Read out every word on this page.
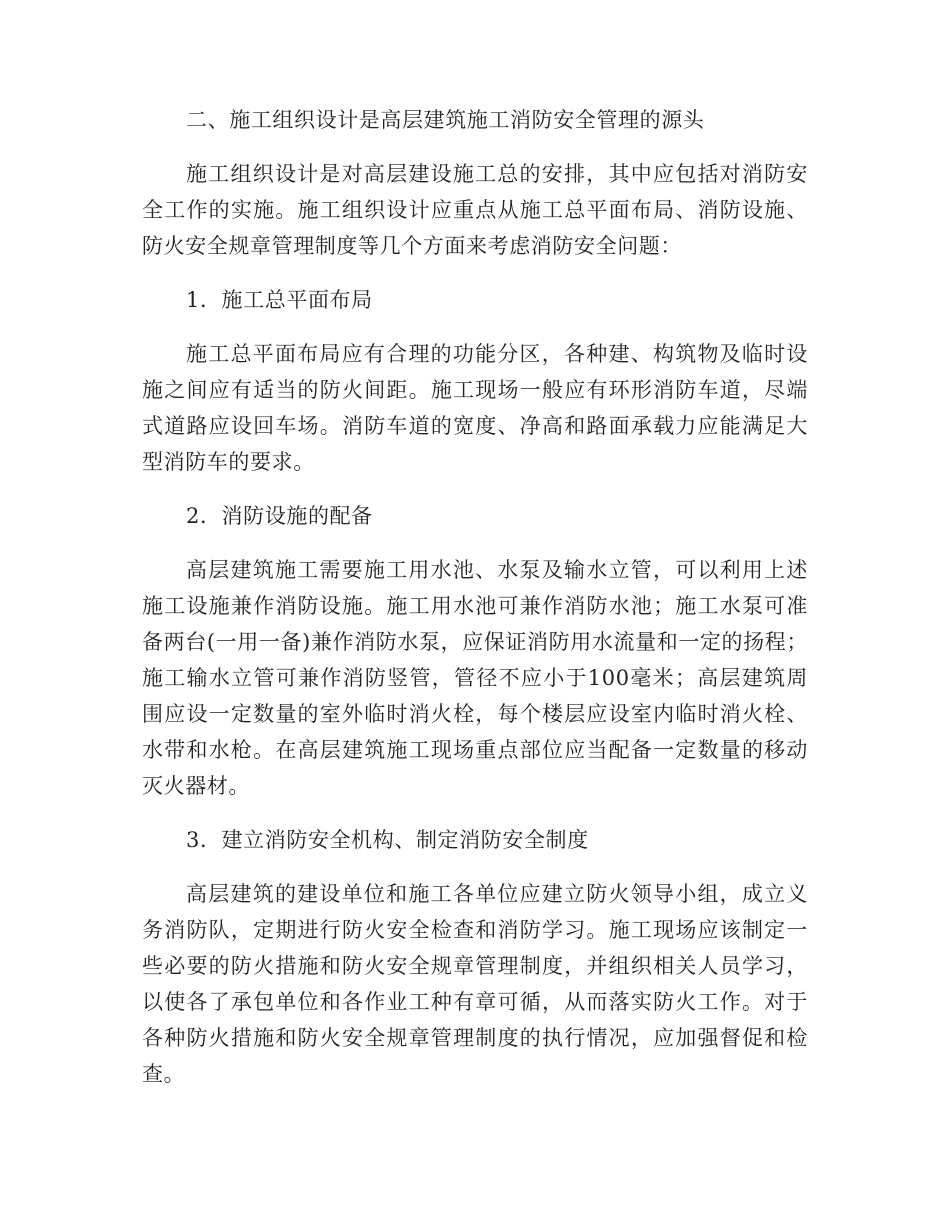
二、施工组织设计是高层建筑施工消防安全管理的源头

施工组织设计是对高层建设施工总的安排，其中应包括对消防安全工作的实施。施工组织设计应重点从施工总平面布局、消防设施、防火安全规章管理制度等几个方面来考虑消防安全问题：

1．施工总平面布局

施工总平面布局应有合理的功能分区，各种建、构筑物及临时设施之间应有适当的防火间距。施工现场一般应有环形消防车道，尽端式道路应设回车场。消防车道的宽度、净高和路面承载力应能满足大型消防车的要求。

2．消防设施的配备

高层建筑施工需要施工用水池、水泵及输水立管，可以利用上述施工设施兼作消防设施。施工用水池可兼作消防水池；施工水泵可准备两台(一用一备)兼作消防水泵，应保证消防用水流量和一定的扬程；施工输水立管可兼作消防竖管，管径不应小于100毫米；高层建筑周围应设一定数量的室外临时消火栓，每个楼层应设室内临时消火栓、水带和水枪。在高层建筑施工现场重点部位应当配备一定数量的移动灭火器材。

3．建立消防安全机构、制定消防安全制度

高层建筑的建设单位和施工各单位应建立防火领导小组，成立义务消防队，定期进行防火安全检查和消防学习。施工现场应该制定一些必要的防火措施和防火安全规章管理制度，并组织相关人员学习，以使各了承包单位和各作业工种有章可循，从而落实防火工作。对于各种防火措施和防火安全规章管理制度的执行情况，应加强督促和检查。
